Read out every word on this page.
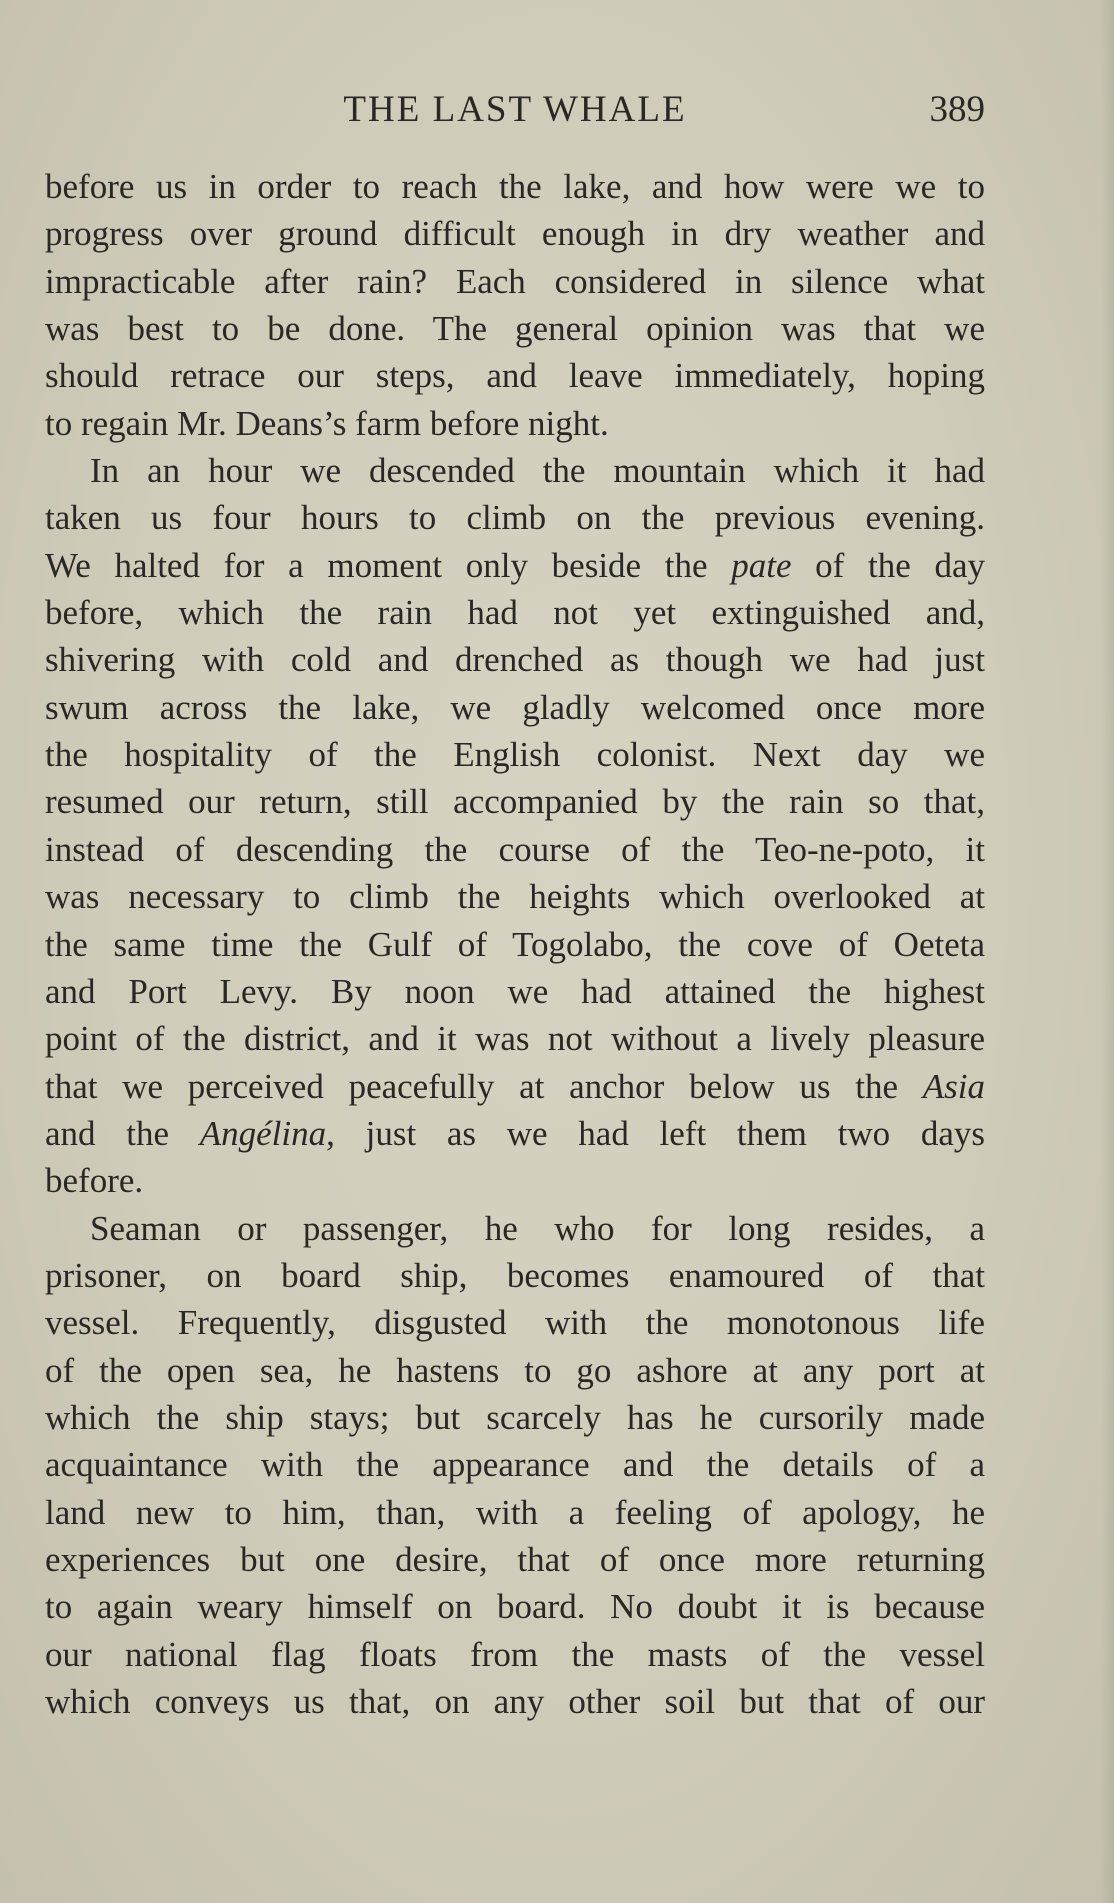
THE LAST WHALE	389
before us in order to reach the lake, and how were we to
progress over ground difficult enough in dry weather and
impracticable after rain? Each considered in silence what
was best to be done. The general opinion was that we
should retrace our steps, and leave immediately, hoping
to regain Mr. Deans’s farm before night.
In an hour we descended the mountain which it had
taken us four hours to climb on the previous evening.
We halted for a moment only beside the pate of the day
before, which the rain had not yet extinguished and,
shivering with cold and drenched as though we had just
swum across the lake, we gladly welcomed once more
the hospitality of the English colonist. Next day we
resumed our return, still accompanied by the rain so that,
instead of descending the course of the Teo-ne-poto, it
was necessary to climb the heights which overlooked at
the same time the Gulf of Togolabo, the cove of Oeteta
and Port Levy. By noon we had attained the highest
point of the district, and it was not without a lively pleasure
that we perceived peacefully at anchor below us the Asia
and the Angélina, just as we had left them two days
before.
Seaman or passenger, he who for long resides, a
prisoner, on board ship, becomes enamoured of that
vessel. Frequently, disgusted with the monotonous life
of the open sea, he hastens to go ashore at any port at
which the ship stays; but scarcely has he cursorily made
acquaintance with the appearance and the details of a
land new to him, than, with a feeling of apology, he
experiences but one desire, that of once more returning
to again weary himself on board. No doubt it is because
our national flag floats from the masts of the vessel
which conveys us that, on any other soil but that of our
